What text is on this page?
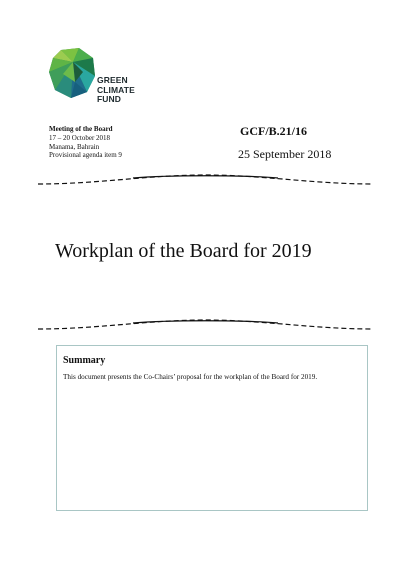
GREEN
CLIMATE
FUND
Meeting of the Board
17 – 20 October 2018
Manama, Bahrain
Provisional agenda item 9
GCF/B.21/16
25 September 2018
Workplan of the Board for 2019
Summary
This document presents the Co-Chairs’ proposal for the workplan of the Board for 2019.
